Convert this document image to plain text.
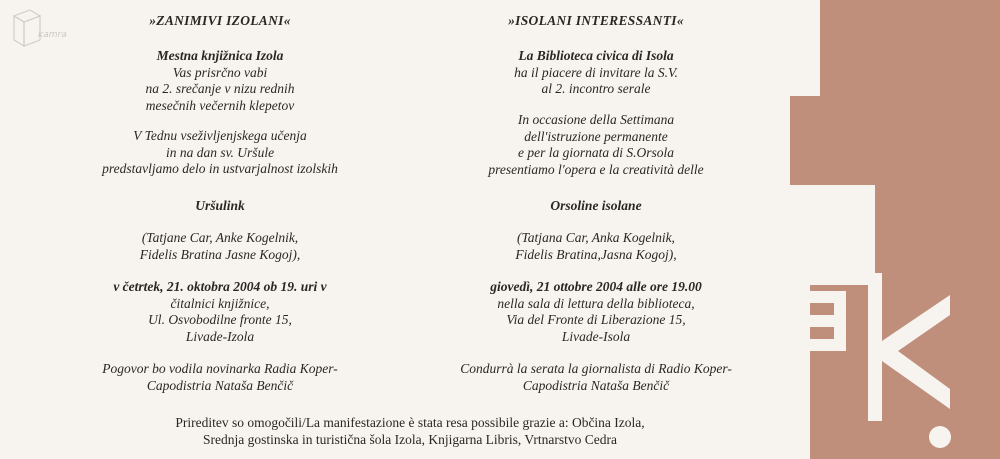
kamra

»ZANIMIVI IZOLANI«

Mestna knjižnica Izola

Vas prisrčno vabi

na 2. srečanje v nizu rednih

mesečnih večernih klepetov

V Tednu vseživljenjskega učenja

in na dan sv. Uršule

predstavljamo delo in ustvarjalnost izolskih

Uršulink

(Tatjane Car, Anke Kogelnik,

Fidelis Bratina Jasne Kogoj),

v četrtek, 21. oktobra 2004 ob 19. uri v

čitalnici knjižnice,

Ul. Osvobodilne fronte 15,

Livade-Izola

Pogovor bo vodila novinarka Radia Koper-

Capodistria Nataša Benčič

»ISOLANI INTERESSANTI«

La Biblioteca civica di Isola

ha il piacere di invitare la S.V.

al 2. incontro serale

In occasione della Settimana

dell'istruzione permanente

e per la giornata di S.Orsola

presentiamo l'opera e la creatività delle

Orsoline isolane

(Tatjana Car, Anka Kogelnik,

Fidelis Bratina,Jasna Kogoj),

giovedì, 21 ottobre 2004 alle ore 19.00

nella sala di lettura della biblioteca,

Via del Fronte di Liberazione 15,

Livade-Isola

Condurrà la serata la giornalista di Radio Koper-

Capodistria Nataša Benčič

Prireditev so omogočili/La manifestazione è stata resa possibile grazie a: Občina Izola,

Srednja gostinska in turistična šola Izola, Knjigarna Libris, Vrtnarstvo Cedra
